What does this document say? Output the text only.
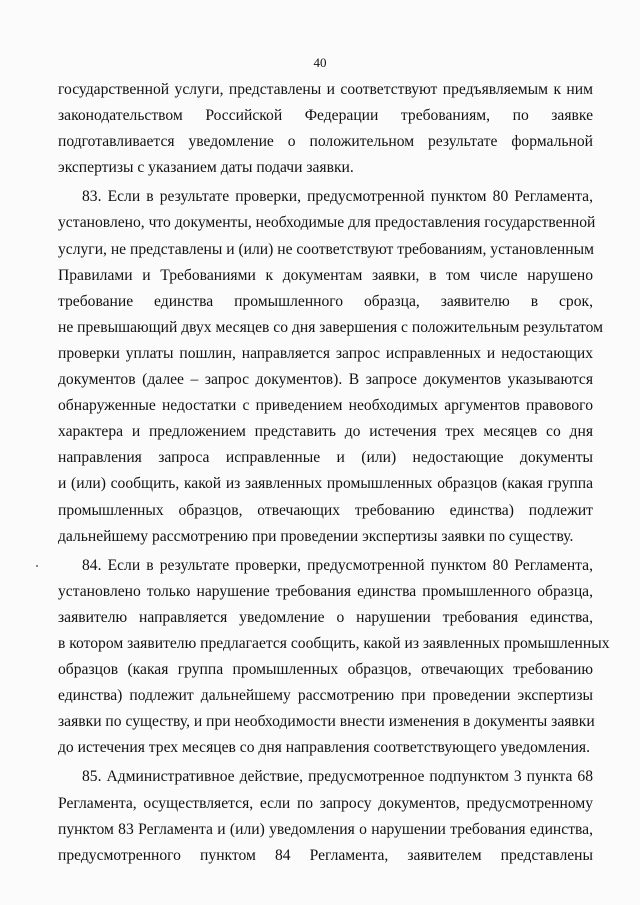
40
государственной услуги, представлены и соответствуют предъявляемым к ним
законодательством Российской Федерации требованиям, по заявке
подготавливается уведомление о положительном результате формальной
экспертизы с указанием даты подачи заявки.
83. Если в результате проверки, предусмотренной пунктом 80 Регламента,
установлено, что документы, необходимые для предоставления государственной
услуги, не представлены и (или) не соответствуют требованиям, установленным
Правилами и Требованиями к документам заявки, в том числе нарушено
требование единства промышленного образца, заявителю в срок,
не превышающий двух месяцев со дня завершения с положительным результатом
проверки уплаты пошлин, направляется запрос исправленных и недостающих
документов (далее – запрос документов). В запросе документов указываются
обнаруженные недостатки с приведением необходимых аргументов правового
характера и предложением представить до истечения трех месяцев со дня
направления запроса исправленные и (или) недостающие документы
и (или) сообщить, какой из заявленных промышленных образцов (какая группа
промышленных образцов, отвечающих требованию единства) подлежит
дальнейшему рассмотрению при проведении экспертизы заявки по существу.
84. Если в результате проверки, предусмотренной пунктом 80 Регламента,
установлено только нарушение требования единства промышленного образца,
заявителю направляется уведомление о нарушении требования единства,
в котором заявителю предлагается сообщить, какой из заявленных промышленных
образцов (какая группа промышленных образцов, отвечающих требованию
единства) подлежит дальнейшему рассмотрению при проведении экспертизы
заявки по существу, и при необходимости внести изменения в документы заявки
до истечения трех месяцев со дня направления соответствующего уведомления.
85. Административное действие, предусмотренное подпунктом 3 пункта 68
Регламента, осуществляется, если по запросу документов, предусмотренному
пунктом 83 Регламента и (или) уведомления о нарушении требования единства,
предусмотренного пунктом 84 Регламента, заявителем представлены
